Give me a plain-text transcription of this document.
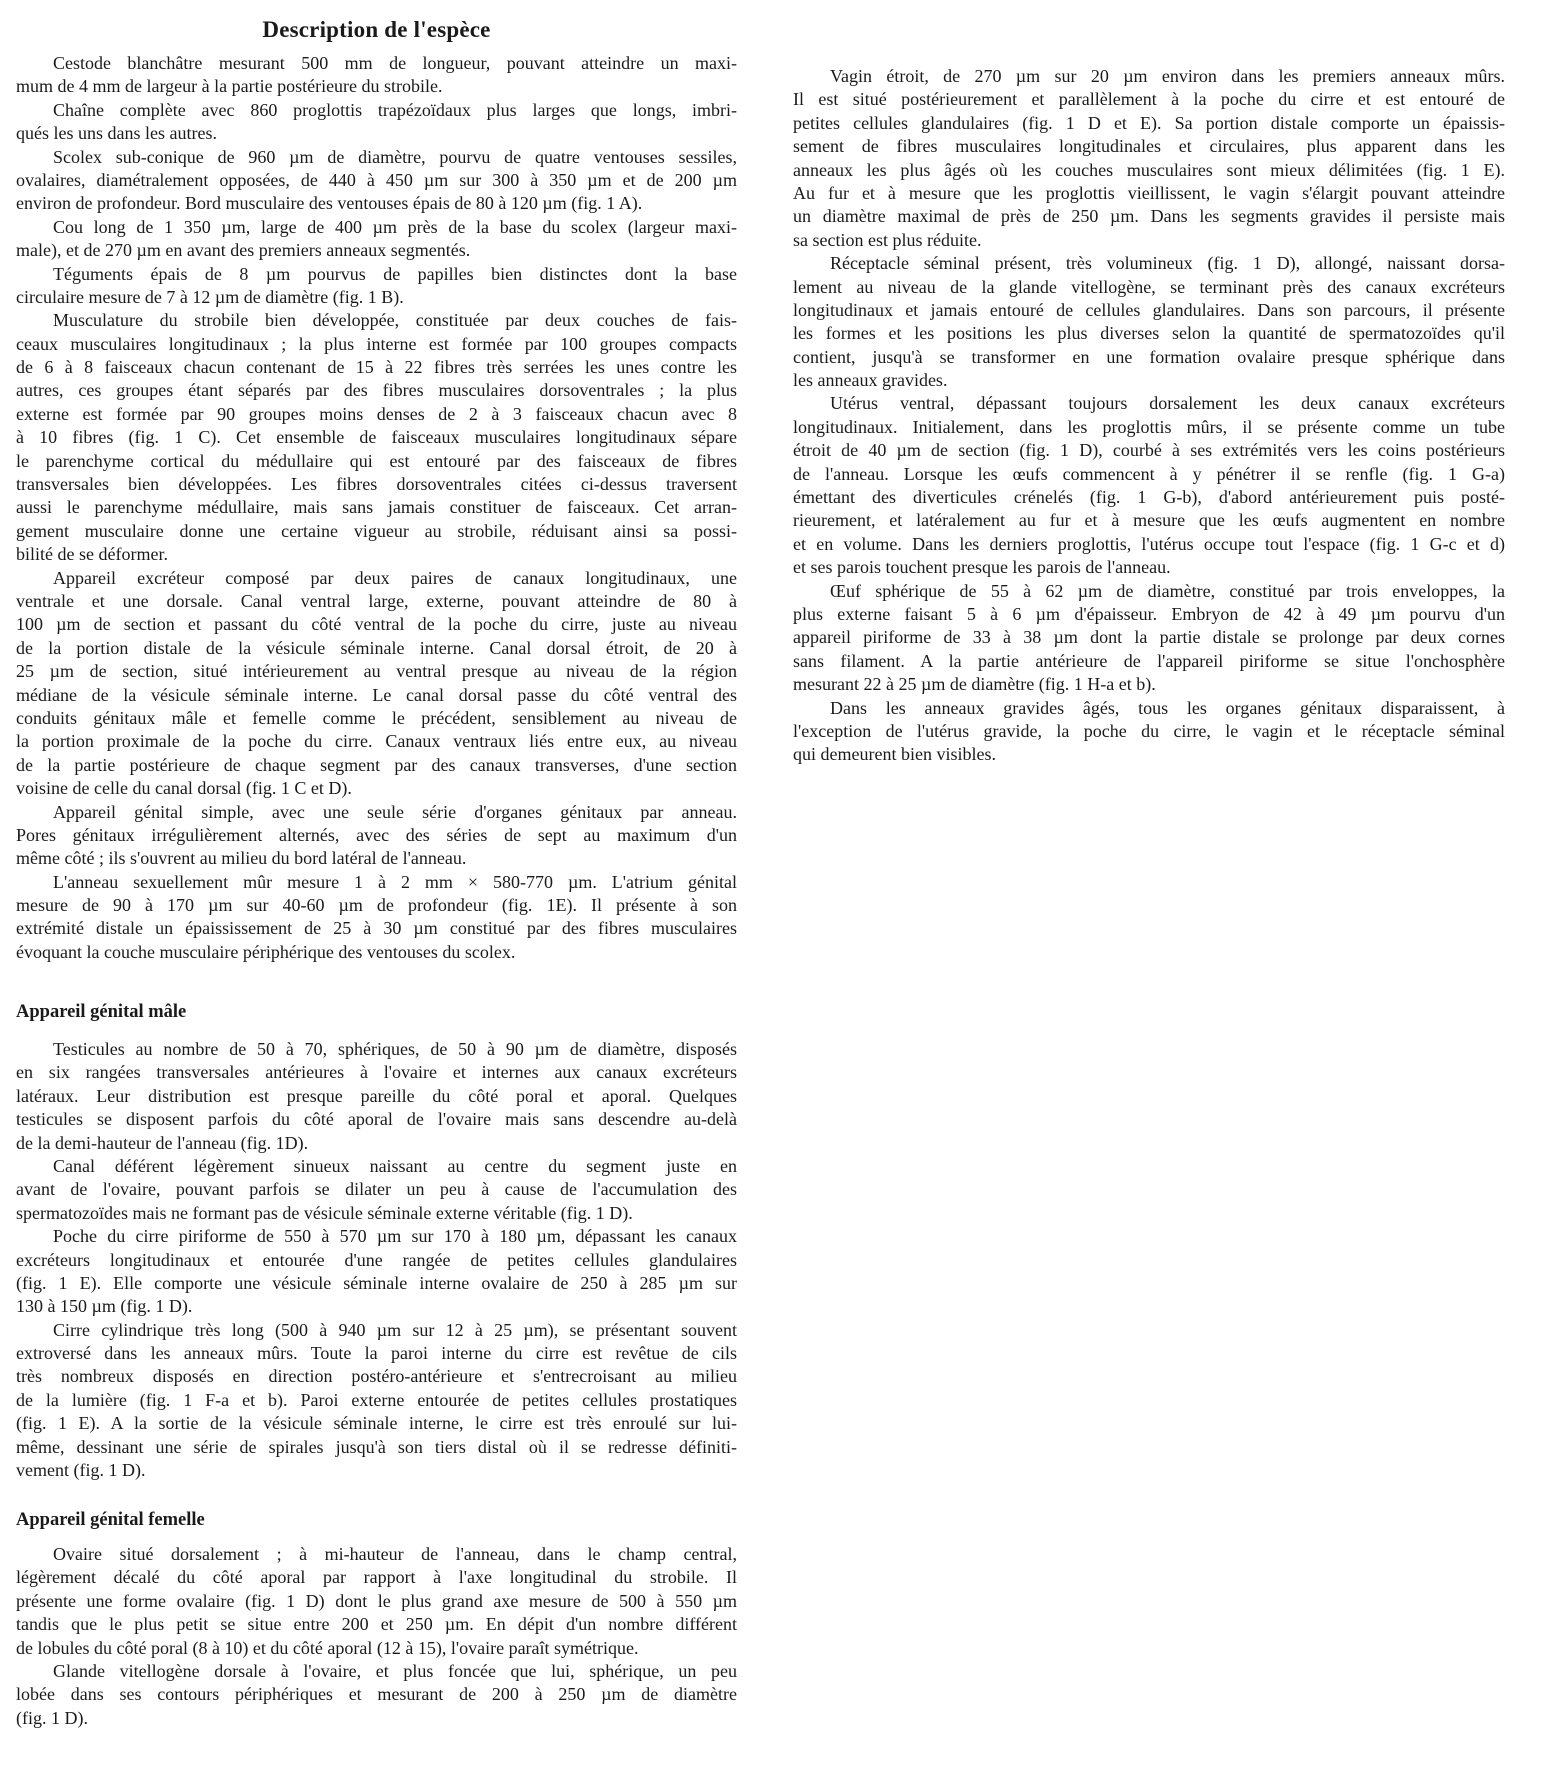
Description de l'espèce

Cestode blanchâtre mesurant 500 mm de longueur, pouvant atteindre un maxi-
mum de 4 mm de largeur à la partie postérieure du strobile.

Chaîne complète avec 860 proglottis trapézoïdaux plus larges que longs, imbri-
qués les uns dans les autres.

Scolex sub-conique de 960 µm de diamètre, pourvu de quatre ventouses sessiles,
ovalaires, diamétralement opposées, de 440 à 450 µm sur 300 à 350 µm et de 200 µm
environ de profondeur. Bord musculaire des ventouses épais de 80 à 120 µm (fig. 1 A).

Cou long de 1 350 µm, large de 400 µm près de la base du scolex (largeur maxi-
male), et de 270 µm en avant des premiers anneaux segmentés.

Téguments épais de 8 µm pourvus de papilles bien distinctes dont la base
circulaire mesure de 7 à 12 µm de diamètre (fig. 1 B).

Musculature du strobile bien développée, constituée par deux couches de fais-
ceaux musculaires longitudinaux ; la plus interne est formée par 100 groupes compacts
de 6 à 8 faisceaux chacun contenant de 15 à 22 fibres très serrées les unes contre les
autres, ces groupes étant séparés par des fibres musculaires dorsoventrales ; la plus
externe est formée par 90 groupes moins denses de 2 à 3 faisceaux chacun avec 8
à 10 fibres (fig. 1 C). Cet ensemble de faisceaux musculaires longitudinaux sépare
le parenchyme cortical du médullaire qui est entouré par des faisceaux de fibres
transversales bien développées. Les fibres dorsoventrales citées ci-dessus traversent
aussi le parenchyme médullaire, mais sans jamais constituer de faisceaux. Cet arran-
gement musculaire donne une certaine vigueur au strobile, réduisant ainsi sa possi-
bilité de se déformer.

Appareil excréteur composé par deux paires de canaux longitudinaux, une
ventrale et une dorsale. Canal ventral large, externe, pouvant atteindre de 80 à
100 µm de section et passant du côté ventral de la poche du cirre, juste au niveau
de la portion distale de la vésicule séminale interne. Canal dorsal étroit, de 20 à
25 µm de section, situé intérieurement au ventral presque au niveau de la région
médiane de la vésicule séminale interne. Le canal dorsal passe du côté ventral des
conduits génitaux mâle et femelle comme le précédent, sensiblement au niveau de
la portion proximale de la poche du cirre. Canaux ventraux liés entre eux, au niveau
de la partie postérieure de chaque segment par des canaux transverses, d'une section
voisine de celle du canal dorsal (fig. 1 C et D).

Appareil génital simple, avec une seule série d'organes génitaux par anneau.
Pores génitaux irrégulièrement alternés, avec des séries de sept au maximum d'un
même côté ; ils s'ouvrent au milieu du bord latéral de l'anneau.

L'anneau sexuellement mûr mesure 1 à 2 mm × 580-770 µm. L'atrium génital
mesure de 90 à 170 µm sur 40-60 µm de profondeur (fig. 1E). Il présente à son
extrémité distale un épaississement de 25 à 30 µm constitué par des fibres musculaires
évoquant la couche musculaire périphérique des ventouses du scolex.

Appareil génital mâle

Testicules au nombre de 50 à 70, sphériques, de 50 à 90 µm de diamètre, disposés
en six rangées transversales antérieures à l'ovaire et internes aux canaux excréteurs
latéraux. Leur distribution est presque pareille du côté poral et aporal. Quelques
testicules se disposent parfois du côté aporal de l'ovaire mais sans descendre au-delà
de la demi-hauteur de l'anneau (fig. 1D).

Canal déférent légèrement sinueux naissant au centre du segment juste en
avant de l'ovaire, pouvant parfois se dilater un peu à cause de l'accumulation des
spermatozoïdes mais ne formant pas de vésicule séminale externe véritable (fig. 1 D).

Poche du cirre piriforme de 550 à 570 µm sur 170 à 180 µm, dépassant les canaux
excréteurs longitudinaux et entourée d'une rangée de petites cellules glandulaires
(fig. 1 E). Elle comporte une vésicule séminale interne ovalaire de 250 à 285 µm sur
130 à 150 µm (fig. 1 D).

Cirre cylindrique très long (500 à 940 µm sur 12 à 25 µm), se présentant souvent
extroversé dans les anneaux mûrs. Toute la paroi interne du cirre est revêtue de cils
très nombreux disposés en direction postéro-antérieure et s'entrecroisant au milieu
de la lumière (fig. 1 F-a et b). Paroi externe entourée de petites cellules prostatiques
(fig. 1 E). A la sortie de la vésicule séminale interne, le cirre est très enroulé sur lui-
même, dessinant une série de spirales jusqu'à son tiers distal où il se redresse définiti-
vement (fig. 1 D).

Appareil génital femelle

Ovaire situé dorsalement ; à mi-hauteur de l'anneau, dans le champ central,
légèrement décalé du côté aporal par rapport à l'axe longitudinal du strobile. Il
présente une forme ovalaire (fig. 1 D) dont le plus grand axe mesure de 500 à 550 µm
tandis que le plus petit se situe entre 200 et 250 µm. En dépit d'un nombre différent
de lobules du côté poral (8 à 10) et du côté aporal (12 à 15), l'ovaire paraît symétrique.

Glande vitellogène dorsale à l'ovaire, et plus foncée que lui, sphérique, un peu
lobée dans ses contours périphériques et mesurant de 200 à 250 µm de diamètre
(fig. 1 D).

Vagin étroit, de 270 µm sur 20 µm environ dans les premiers anneaux mûrs.
Il est situé postérieurement et parallèlement à la poche du cirre et est entouré de
petites cellules glandulaires (fig. 1 D et E). Sa portion distale comporte un épaissis-
sement de fibres musculaires longitudinales et circulaires, plus apparent dans les
anneaux les plus âgés où les couches musculaires sont mieux délimitées (fig. 1 E).
Au fur et à mesure que les proglottis vieillissent, le vagin s'élargit pouvant atteindre
un diamètre maximal de près de 250 µm. Dans les segments gravides il persiste mais
sa section est plus réduite.

Réceptacle séminal présent, très volumineux (fig. 1 D), allongé, naissant dorsa-
lement au niveau de la glande vitellogène, se terminant près des canaux excréteurs
longitudinaux et jamais entouré de cellules glandulaires. Dans son parcours, il présente
les formes et les positions les plus diverses selon la quantité de spermatozoïdes qu'il
contient, jusqu'à se transformer en une formation ovalaire presque sphérique dans
les anneaux gravides.

Utérus ventral, dépassant toujours dorsalement les deux canaux excréteurs
longitudinaux. Initialement, dans les proglottis mûrs, il se présente comme un tube
étroit de 40 µm de section (fig. 1 D), courbé à ses extrémités vers les coins postérieurs
de l'anneau. Lorsque les œufs commencent à y pénétrer il se renfle (fig. 1 G-a)
émettant des diverticules crénelés (fig. 1 G-b), d'abord antérieurement puis posté-
rieurement, et latéralement au fur et à mesure que les œufs augmentent en nombre
et en volume. Dans les derniers proglottis, l'utérus occupe tout l'espace (fig. 1 G-c et d)
et ses parois touchent presque les parois de l'anneau.

Œuf sphérique de 55 à 62 µm de diamètre, constitué par trois enveloppes, la
plus externe faisant 5 à 6 µm d'épaisseur. Embryon de 42 à 49 µm pourvu d'un
appareil piriforme de 33 à 38 µm dont la partie distale se prolonge par deux cornes
sans filament. A la partie antérieure de l'appareil piriforme se situe l'onchosphère
mesurant 22 à 25 µm de diamètre (fig. 1 H-a et b).

Dans les anneaux gravides âgés, tous les organes génitaux disparaissent, à
l'exception de l'utérus gravide, la poche du cirre, le vagin et le réceptacle séminal
qui demeurent bien visibles.
